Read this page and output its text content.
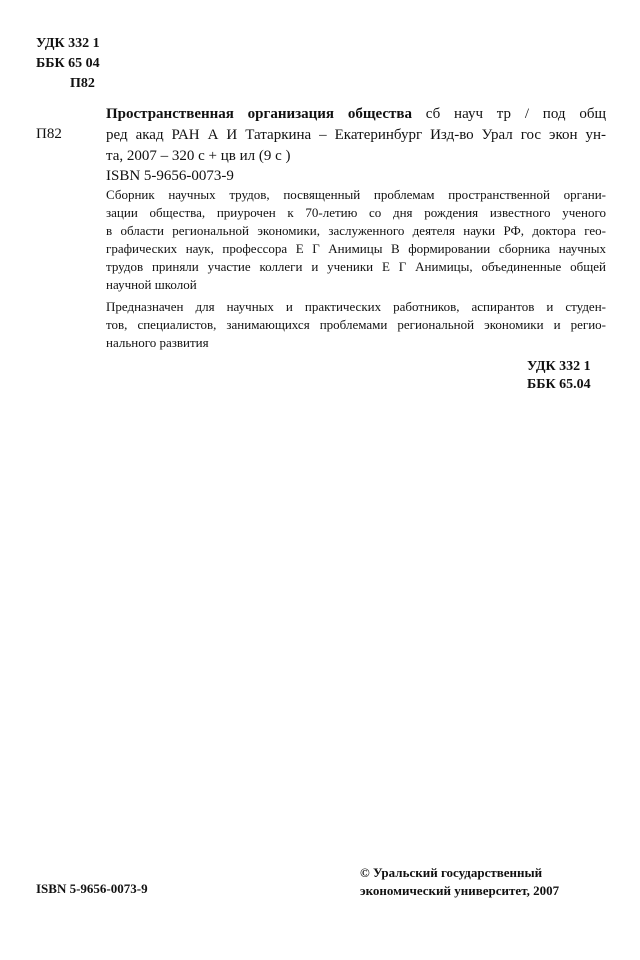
УДК 332 1
ББК 65 04
П82
П82
Пространственная организация общества сб науч тр / под общ
ред акад РАН А И Татаркина – Екатеринбург Изд-во Урал гос экон ун-
та, 2007 – 320 с + цв ил (9 с )
ISBN 5-9656-0073-9
Сборник научных трудов, посвященный проблемам пространственной органи-
зации общества, приурочен к 70-летию со дня рождения известного ученого
в области региональной экономики, заслуженного деятеля науки РФ, доктора гео-
графических наук, профессора Е Г Анимицы В формировании сборника научных
трудов приняли участие коллеги и ученики Е Г Анимицы, объединенные общей
научной школой
Предназначен для научных и практических работников, аспирантов и студен-
тов, специалистов, занимающихся проблемами региональной экономики и регио-
нального развития
УДК 332 1
ББК 65.04
ISBN 5-9656-0073-9
© Уральский государственный
экономический университет, 2007
